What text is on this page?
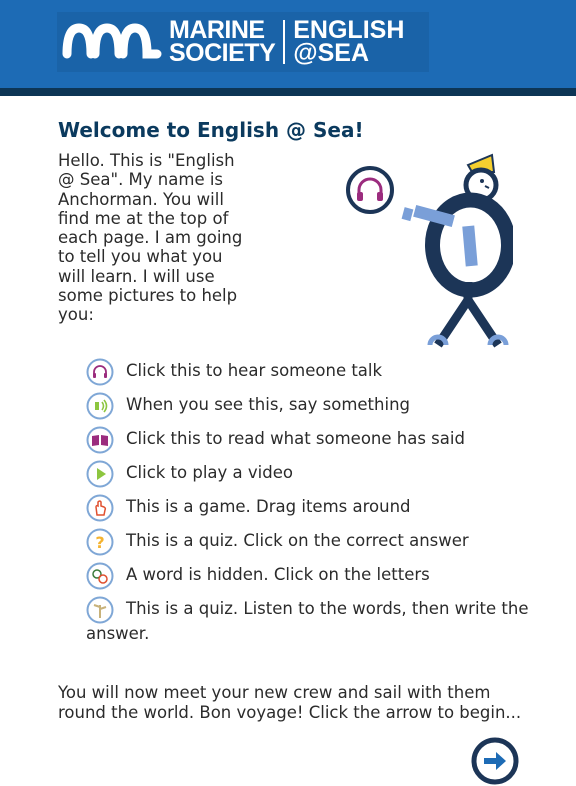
MARINE
SOCIETY
ENGLISH
@SEA
Welcome to English @ Sea!
Hello. This is "English @ Sea". My name is Anchorman. You will find me at the top of each page. I am going to tell you what you will learn. I will use some pictures to help you:
Click this to hear someone talk
When you see this, say something
Click this to read what someone has said
Click to play a video
This is a game. Drag items around
?	This is a quiz. Click on the correct answer
A word is hidden. Click on the letters
This is a quiz. Listen to the words, then write the answer.
You will now meet your new crew and sail with them round the world. Bon voyage! Click the arrow to begin...
